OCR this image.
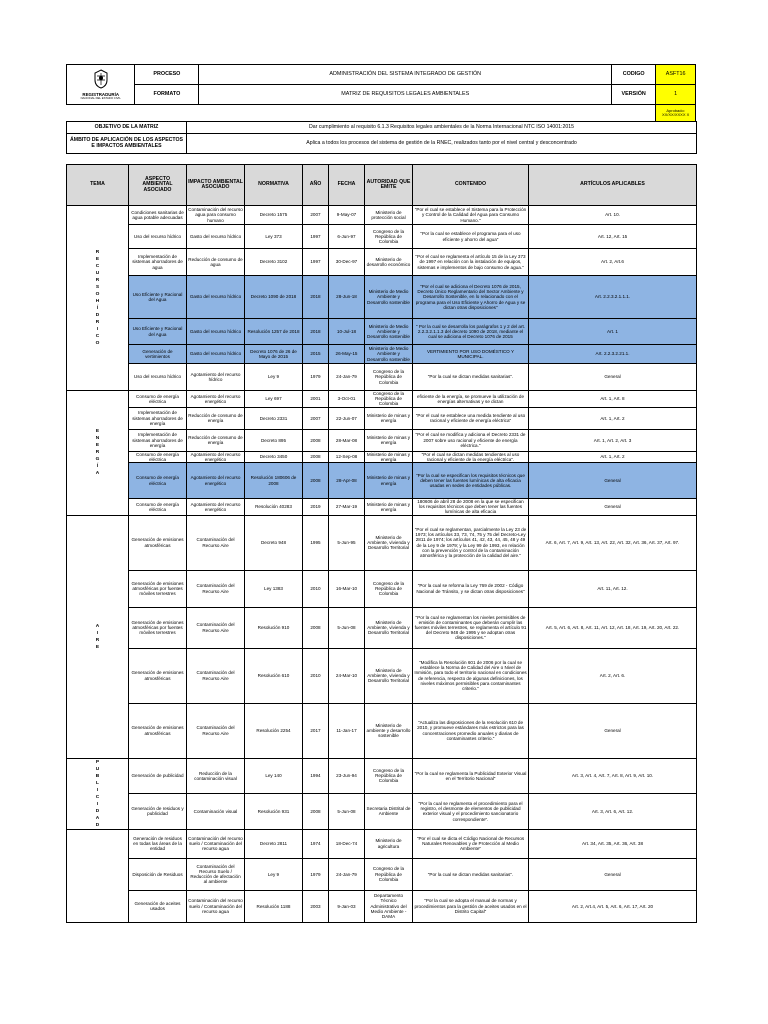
REGISTRADURÍA
NACIONAL DEL ESTADO CIVIL	PROCESO	ADMINISTRACIÓN DEL SISTEMA INTEGRADO DE GESTIÓN	CODIGO	ASFT16
	FORMATO	MATRIZ DE REQUISITOS LEGALES AMBIENTALES	VERSIÓN	1
				Aprobado: XX/XX/XXXX X
OBJETIVO DE LA MATRIZ	Dar cumplimiento al requisito 6.1.3 Requisitos legales ambientales de la Norma Internacional NTC ISO 14001:2015
ÁMBITO DE APLICACIÓN DE LOS ASPECTOS E IMPACTOS AMBIENTALES	Aplica a todos los procesos del sistema de gestión de la RNEC, realizados tanto por el nivel central y desconcentrado
TEMA	ASPECTO AMBIENTAL ASOCIADO	IMPACTO AMBIENTAL ASOCIADO	NORMATIVA	AÑO	FECHA	AUTORIDAD QUE EMITE	CONTENIDO	ARTÍCULOS APLICABLES

RECURSO HÍDRICO	Condiciones sanitarias de agua potable adecuadas	Contaminación del recurso agua para consumo humano	Decreto 1575	2007	9-May-07	Ministerio de protección social	"Por el cual se establece el Sistema para la Protección y Control de la Calidad del Agua para Consumo Humano."	Art. 10.
	Uso del recurso hídrico	Gasto del recurso hídrico	Ley 373	1997	6-Jun-97	Congreso de la República de Colombia	"Por la cual se establece el programa para el uso eficiente y ahorro del agua"	Art. 12, Art. 15
	Implementación de sistemas ahorradores de agua	Reducción de consumo de agua	Decreto 3102	1997	30-Dec-97	Ministerio de desarrollo económico	"Por el cual se reglamenta el artículo 15 de la Ley 373 de 1997 en relación con la instalación de equipos, sistemas e implementos de bajo consumo de agua."	Art. 2, Art.6
	Uso Eficiente y Racional del Agua	Gasto del recurso hídrico	Decreto 1090 de 2018	2018	28-Jun-18	Ministerio de Medio Ambiente y Desarrollo sostenible	"Por el cual se adiciona el Decreto 1076 de 2015, Decreto Único Reglamentario del Sector Ambiente y Desarrollo Sostenible, en lo relacionado con el programa para el Uso Eficiente y Ahorro de Agua y se dictan otras disposiciones"	Art. 2.2.3.2.1.1.1.
	Uso Eficiente y Racional del Agua	Gasto del recurso hídrico	Resolución 1257 de 2018	2018	10-Jul-18	Ministerio de Medio Ambiente y Desarrollo sostenible	" Por la cual se desarrolla los parágrafos 1 y 2 del art. 2.2.3.2.1.1.3 del decreto 1090 de 2018, mediante el cual se adiciona el Decreto 1076 de 2015	Art. 1
	Generación de vertimientos	Gasto del recurso hídrico	Decreto 1076 de 26 de Mayo de 2015	2015	26-May-15	Ministerio de Medio Ambiente y Desarrollo sostenible	VERTIMIENTO POR USO DOMÉSTICO Y MUNICIPAL.	Art. 2.2.3.2.21.1.
	Uso del recurso hídrico	Agotamiento del recurso hídrico	Ley 9	1979	24-Jan-79	Congreso de la República de Colombia	"Por la cual se dictan medidas sanitarias".	General

ENERGÍA	Consumo de energía eléctrica	Agotamiento del recurso energético	Ley 697	2001	3-Oct-01	Congreso de la República de Colombia	eficiente de la energía, se promueve la utilización de energías alternativas y se dictan	Art. 1, Art. 8
	Implementación de sistemas ahorradores de energía	Reducción de consumo de energía	Decreto 2331	2007	22-Jun-07	Ministerio de minas y energía	"Por el cual se establece una medida tendiente al uso racional y eficiente de energía eléctrica"	Art. 1, Art. 2
	Implementación de sistemas ahorradores de energía	Reducción de consumo de energía	Decreto 895	2008	28-Mar-08	Ministerio de minas y energía	"Por el cual se modifica y adiciona el Decreto 2331 de 2007 sobre uso racional y eficiente de energía eléctrica."	Art. 1, Art. 2, Art. 3
	Consumo de energía eléctrica	Agotamiento del recurso energético	Decreto 3450	2008	12-Sep-08	Ministerio de minas y energía	"Por el cual se dictan medidas tendientes al uso racional y eficiente de la energía eléctrica".	Art. 1, Art. 2
	Consumo de energía eléctrica	Agotamiento del recurso energético	Resolución 180606 de 2008	2008	28-Apr-08	Ministerio de minas y energía	"Por la cual se especifican los requisitos técnicos que deben tener las fuentes lumínicas de alta eficacia usadas en sedes de entidades públicas.	General
	Consumo de energía eléctrica	Agotamiento del recurso energético	Resolución 40283	2019	27-Mar-19	Ministerio de minas y energía	180606 de abril 28 de 2008 en la que se especifican los requisitos técnicos que deben tener las fuentes lumínicas de alta eficacia	General

AIRE	Generación de emisiones atmosféricas	Contaminación del Recurso Aire	Decreto 948	1995	5-Jun-95	Ministerio de Ambiente, vivienda y Desarrollo Territorial	"Por el cual se reglamentan, parcialmente la Ley 23 de 1973; los artículos 33, 73, 74, 75 y 75 del Decreto-Ley 2811 de 1974; los artículos 41, 42, 43, 44, 45, 48 y 49 de la Ley 9 de 1979; y la Ley 99 de 1993, en relación con la prevención y control de la contaminación atmosférica y la protección de la calidad del aire."	Art. 6, Art. 7, Art. 9, Art. 13, Art. 22, Art. 32, Art. 36, Art. 37, Art. 97.
	Generación de emisiones atmosféricas por fuentes móviles terrestres	Contaminación del Recurso Aire	Ley 1383	2010	16-Mar-10	Congreso de la República de Colombia	"Por la cual se reforma la Ley 769 de 2002 - Código Nacional de Tránsito, y se dictan otras disposiciones"	Art. 11, Art. 12.
	Generación de emisiones atmosféricas por fuentes móviles terrestres	Contaminación del Recurso Aire	Resolución 910	2008	5-Jun-08	Ministerio de Ambiente, vivienda y Desarrollo Territorial	"Por la cual se reglamentan los niveles permisibles de emisión de contaminantes que deberán cumplir las fuentes móviles terrestres, se reglamenta el artículo 91 del Decreto 948 de 1995 y se adoptan otras disposiciones."	Art. 5, Art. 6, Art. 8, Art. 11, Art. 12, Art. 18, Art. 19, Art. 20, Art. 22.
	Generación de emisiones atmosféricas	Contaminación del Recurso Aire	Resolución 610	2010	24-Mar-10	Ministerio de Ambiente, vivienda y Desarrollo Territorial	"Modifica la Resolución 601 de 2006 por la cual se establece la Norma de Calidad del Aire o Nivel de Inmisión, para todo el territorio nacional en condiciones de referencia, respecto de algunas definiciones, los niveles máximos permisibles para contaminantes criterio."	Art. 2, Art. 6.
	Generación de emisiones atmosféricas	Contaminación del Recurso Aire	Resolución 2254	2017	11-Jan-17	Ministerio de ambiente y desarrollo sostenible	"Actualiza las disposiciones de la resolución 610 de 2010, y promueve estándares más estrictos para las concentraciones promedio anuales y diarias de contaminantes criterio."	General

PUBLICIDAD	Generación de publicidad	Reducción de la contaminación visual	Ley 140	1994	23-Jun-94	Congreso de la República de Colombia	"Por la cual se reglamenta la Publicidad Exterior Visual en el Territorio Nacional"	Art. 3, Art. 4, Art. 7, Art. 8, Art. 9, Art. 10.
	Generación de residuos y publicidad	Contaminación visual	Resolución 931	2008	5-Jun-08	Secretaria Distrital de Ambiente	"Por la cual se reglamenta el procedimiento para el registro, el desmonte de elementos de publicidad exterior visual y el procedimiento sancionatorio correspondiente".	Art. 3, Art. 6, Art. 12.

	Generación de residuos en todas las áreas de la entidad	Contaminación del recurso suelo / Contaminación del recurso agua	Decreto 2811	1974	18-Dec-74	Ministerio de agricultura	"Por el cual se dicta el Código Nacional de Recursos Naturales Renovables y de Protección al Medio Ambiente"	Art. 34, Art. 35, Art. 36, Art. 38
	Disposición de Residuos	Contaminación del Recurso Suelo / Reducción de afectación al ambiente	Ley 9	1979	24-Jan-79	Congreso de la República de Colombia	"Por la cual se dictan medidas sanitarias".	General
	Generación de aceites usados	Contaminación del recurso suelo / Contaminación del recurso agua	Resolución 1188	2003	9-Jan-03	Departamento Técnico Administrativo del Medio Ambiente - DAMA	"Por la cual se adopta el manual de normas y procedimientos para la gestión de aceites usados en el Distrito Capital"	Art. 2, Art.4, Art. 5, Art. 6, Art. 17, Art. 20
